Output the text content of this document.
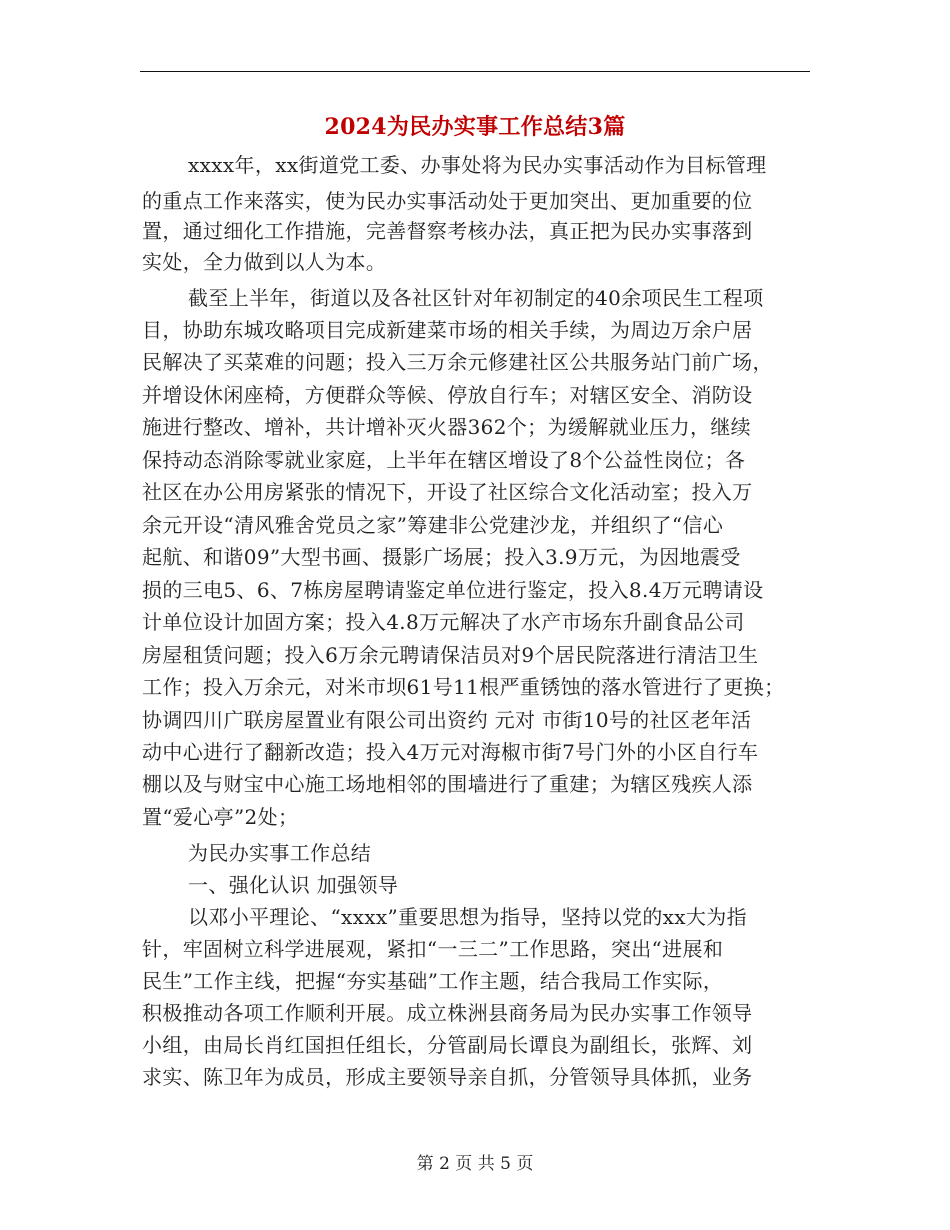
2024为民办实事工作总结3篇
xxxx年，xx街道党工委、办事处将为民办实事活动作为目标管理
的重点工作来落实，使为民办实事活动处于更加突出、更加重要的位
置，通过细化工作措施，完善督察考核办法，真正把为民办实事落到
实处，全力做到以人为本。
截至上半年，街道以及各社区针对年初制定的40余项民生工程项
目，协助东城攻略项目完成新建菜市场的相关手续，为周边万余户居
民解决了买菜难的问题；投入三万余元修建社区公共服务站门前广场，
并增设休闲座椅，方便群众等候、停放自行车；对辖区安全、消防设
施进行整改、增补，共计增补灭火器362个；为缓解就业压力，继续
保持动态消除零就业家庭，上半年在辖区增设了8个公益性岗位；各
社区在办公用房紧张的情况下，开设了社区综合文化活动室；投入万
余元开设“清风雅舍党员之家”筹建非公党建沙龙，并组织了“信心
起航、和谐09”大型书画、摄影广场展；投入3.9万元，为因地震受
损的三电5、6、7栋房屋聘请鉴定单位进行鉴定，投入8.4万元聘请设
计单位设计加固方案；投入4.8万元解决了水产市场东升副食品公司
房屋租赁问题；投入6万余元聘请保洁员对9个居民院落进行清洁卫生
工作；投入万余元，对米市坝61号11根严重锈蚀的落水管进行了更换；
协调四川广联房屋置业有限公司出资约 元对 市街10号的社区老年活
动中心进行了翻新改造；投入4万元对海椒市街7号门外的小区自行车
棚以及与财宝中心施工场地相邻的围墙进行了重建；为辖区残疾人添
置“爱心亭”2处；
为民办实事工作总结
一、强化认识 加强领导
以邓小平理论、“xxxx”重要思想为指导，坚持以党的xx大为指
针，牢固树立科学进展观，紧扣“一三二”工作思路，突出“进展和
民生”工作主线，把握“夯实基础”工作主题，结合我局工作实际，
积极推动各项工作顺利开展。成立株洲县商务局为民办实事工作领导
小组，由局长肖红国担任组长，分管副局长谭良为副组长，张辉、刘
求实、陈卫年为成员，形成主要领导亲自抓，分管领导具体抓，业务
第 2 页 共 5 页
